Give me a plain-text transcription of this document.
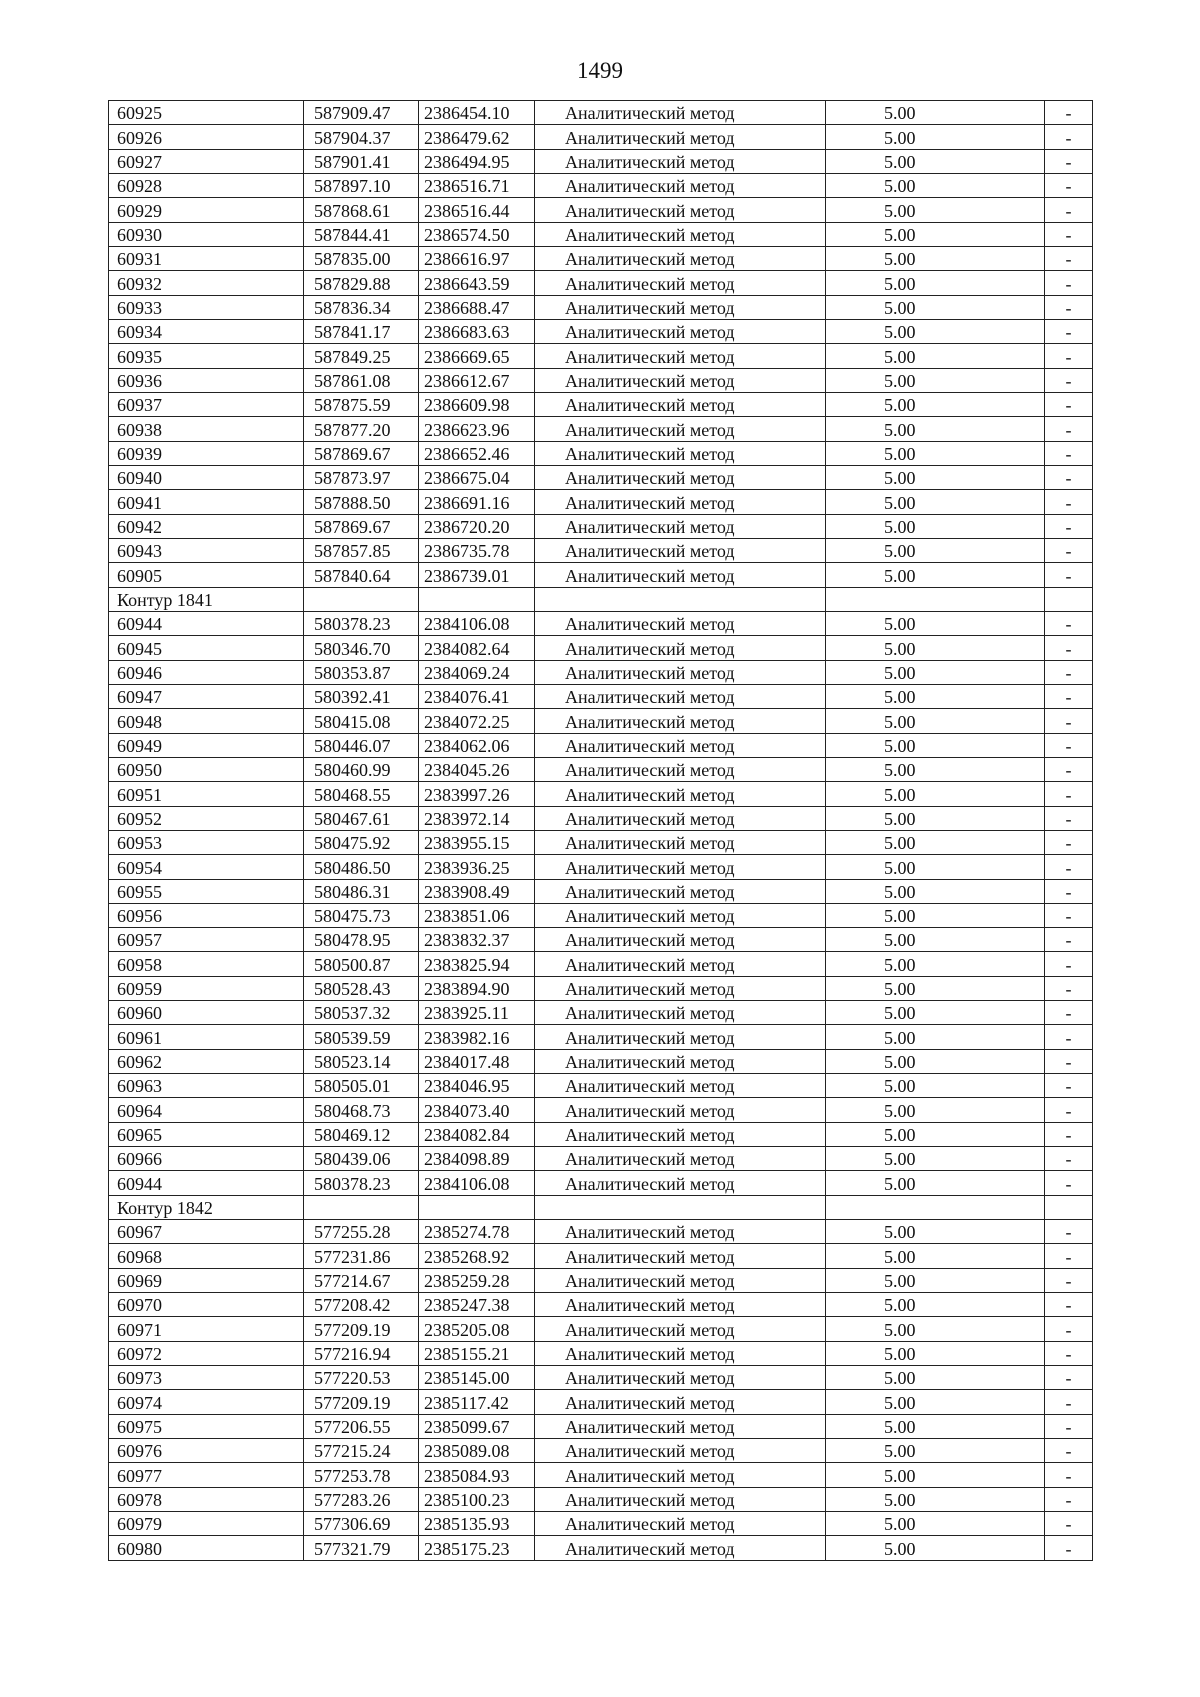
1499
60925	587909.47	2386454.10	Аналитический метод	5.00	-
60926	587904.37	2386479.62	Аналитический метод	5.00	-
60927	587901.41	2386494.95	Аналитический метод	5.00	-
60928	587897.10	2386516.71	Аналитический метод	5.00	-
60929	587868.61	2386516.44	Аналитический метод	5.00	-
60930	587844.41	2386574.50	Аналитический метод	5.00	-
60931	587835.00	2386616.97	Аналитический метод	5.00	-
60932	587829.88	2386643.59	Аналитический метод	5.00	-
60933	587836.34	2386688.47	Аналитический метод	5.00	-
60934	587841.17	2386683.63	Аналитический метод	5.00	-
60935	587849.25	2386669.65	Аналитический метод	5.00	-
60936	587861.08	2386612.67	Аналитический метод	5.00	-
60937	587875.59	2386609.98	Аналитический метод	5.00	-
60938	587877.20	2386623.96	Аналитический метод	5.00	-
60939	587869.67	2386652.46	Аналитический метод	5.00	-
60940	587873.97	2386675.04	Аналитический метод	5.00	-
60941	587888.50	2386691.16	Аналитический метод	5.00	-
60942	587869.67	2386720.20	Аналитический метод	5.00	-
60943	587857.85	2386735.78	Аналитический метод	5.00	-
60905	587840.64	2386739.01	Аналитический метод	5.00	-
Контур 1841					
60944	580378.23	2384106.08	Аналитический метод	5.00	-
60945	580346.70	2384082.64	Аналитический метод	5.00	-
60946	580353.87	2384069.24	Аналитический метод	5.00	-
60947	580392.41	2384076.41	Аналитический метод	5.00	-
60948	580415.08	2384072.25	Аналитический метод	5.00	-
60949	580446.07	2384062.06	Аналитический метод	5.00	-
60950	580460.99	2384045.26	Аналитический метод	5.00	-
60951	580468.55	2383997.26	Аналитический метод	5.00	-
60952	580467.61	2383972.14	Аналитический метод	5.00	-
60953	580475.92	2383955.15	Аналитический метод	5.00	-
60954	580486.50	2383936.25	Аналитический метод	5.00	-
60955	580486.31	2383908.49	Аналитический метод	5.00	-
60956	580475.73	2383851.06	Аналитический метод	5.00	-
60957	580478.95	2383832.37	Аналитический метод	5.00	-
60958	580500.87	2383825.94	Аналитический метод	5.00	-
60959	580528.43	2383894.90	Аналитический метод	5.00	-
60960	580537.32	2383925.11	Аналитический метод	5.00	-
60961	580539.59	2383982.16	Аналитический метод	5.00	-
60962	580523.14	2384017.48	Аналитический метод	5.00	-
60963	580505.01	2384046.95	Аналитический метод	5.00	-
60964	580468.73	2384073.40	Аналитический метод	5.00	-
60965	580469.12	2384082.84	Аналитический метод	5.00	-
60966	580439.06	2384098.89	Аналитический метод	5.00	-
60944	580378.23	2384106.08	Аналитический метод	5.00	-
Контур 1842					
60967	577255.28	2385274.78	Аналитический метод	5.00	-
60968	577231.86	2385268.92	Аналитический метод	5.00	-
60969	577214.67	2385259.28	Аналитический метод	5.00	-
60970	577208.42	2385247.38	Аналитический метод	5.00	-
60971	577209.19	2385205.08	Аналитический метод	5.00	-
60972	577216.94	2385155.21	Аналитический метод	5.00	-
60973	577220.53	2385145.00	Аналитический метод	5.00	-
60974	577209.19	2385117.42	Аналитический метод	5.00	-
60975	577206.55	2385099.67	Аналитический метод	5.00	-
60976	577215.24	2385089.08	Аналитический метод	5.00	-
60977	577253.78	2385084.93	Аналитический метод	5.00	-
60978	577283.26	2385100.23	Аналитический метод	5.00	-
60979	577306.69	2385135.93	Аналитический метод	5.00	-
60980	577321.79	2385175.23	Аналитический метод	5.00	-
